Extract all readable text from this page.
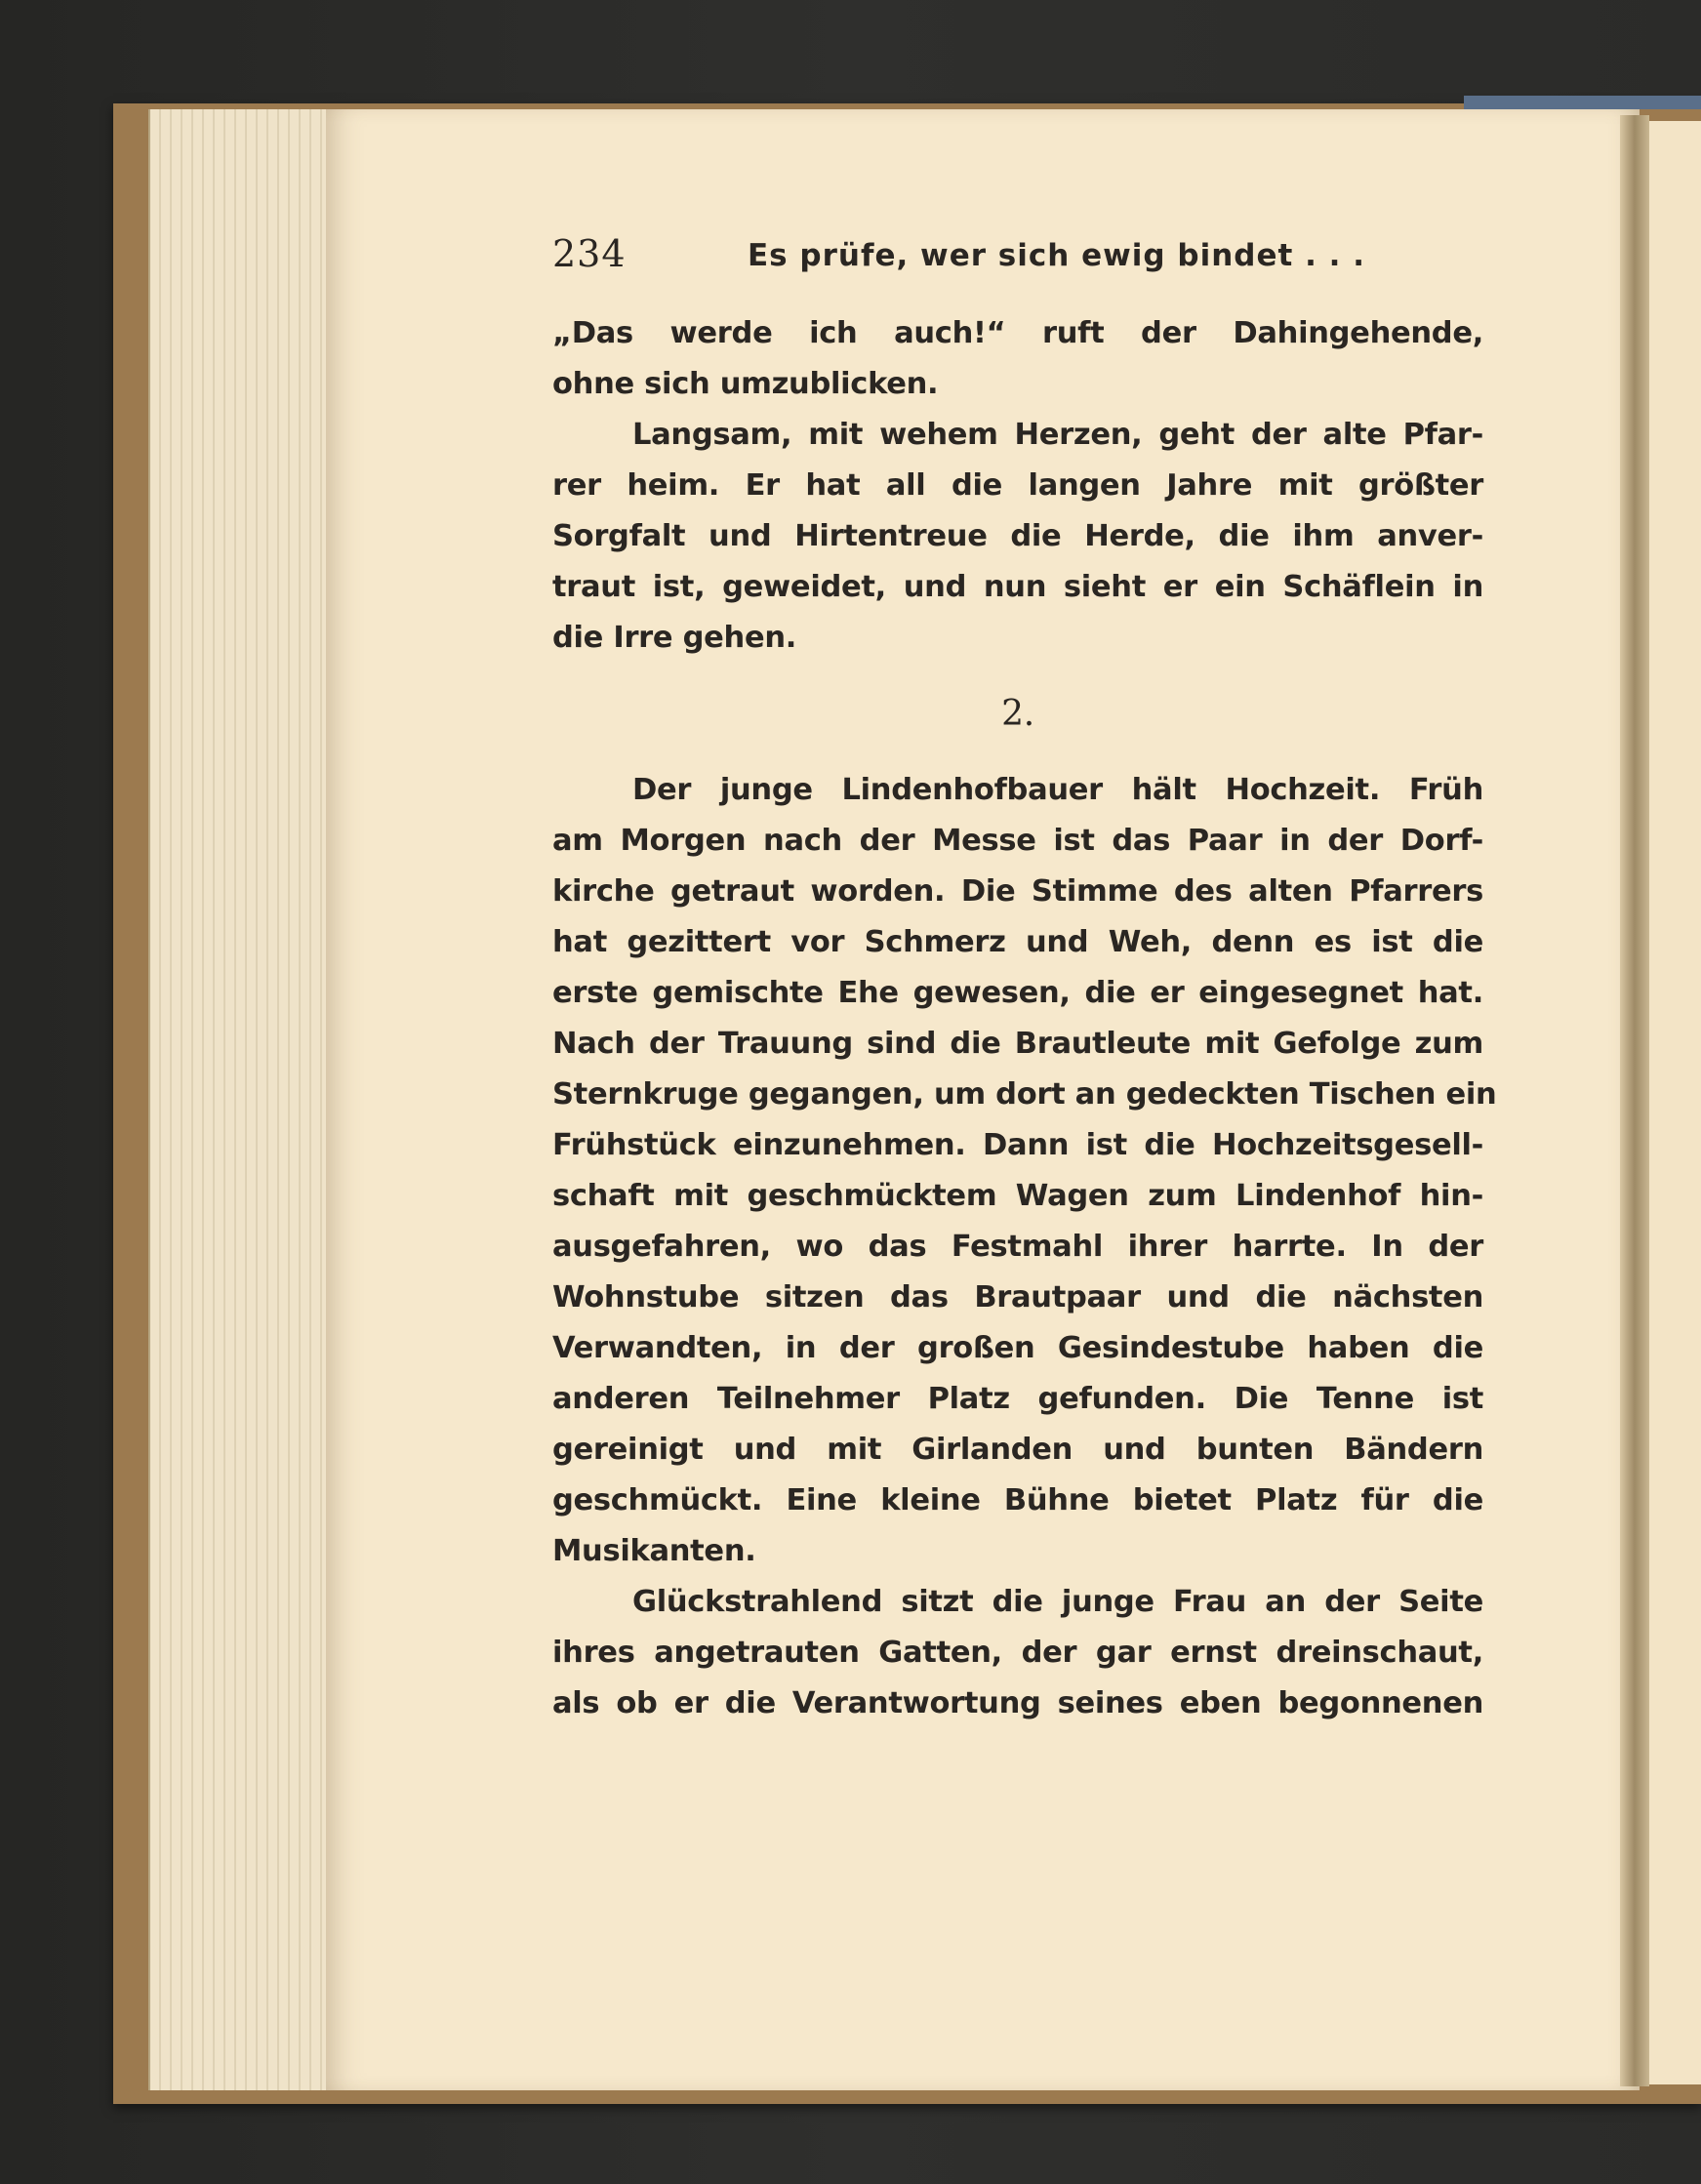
234	Es prüfe, wer sich ewig bindet . . .
„Das werde ich auch!“ ruft der Dahingehende,
ohne sich umzublicken.
Langsam, mit wehem Herzen, geht der alte Pfar-
rer heim. Er hat all die langen Jahre mit größter
Sorgfalt und Hirtentreue die Herde, die ihm anver-
traut ist, geweidet, und nun sieht er ein Schäflein in
die Irre gehen.
2.
Der junge Lindenhofbauer hält Hochzeit. Früh
am Morgen nach der Messe ist das Paar in der Dorf-
kirche getraut worden. Die Stimme des alten Pfarrers
hat gezittert vor Schmerz und Weh, denn es ist die
erste gemischte Ehe gewesen, die er eingesegnet hat.
Nach der Trauung sind die Brautleute mit Gefolge zum
Sternkruge gegangen, um dort an gedeckten Tischen ein
Frühstück einzunehmen. Dann ist die Hochzeitsgesell-
schaft mit geschmücktem Wagen zum Lindenhof hin-
ausgefahren, wo das Festmahl ihrer harrte. In der
Wohnstube sitzen das Brautpaar und die nächsten
Verwandten, in der großen Gesindestube haben die
anderen Teilnehmer Platz gefunden. Die Tenne ist
gereinigt und mit Girlanden und bunten Bändern
geschmückt. Eine kleine Bühne bietet Platz für die
Musikanten.
Glückstrahlend sitzt die junge Frau an der Seite
ihres angetrauten Gatten, der gar ernst dreinschaut,
als ob er die Verantwortung seines eben begonnenen
